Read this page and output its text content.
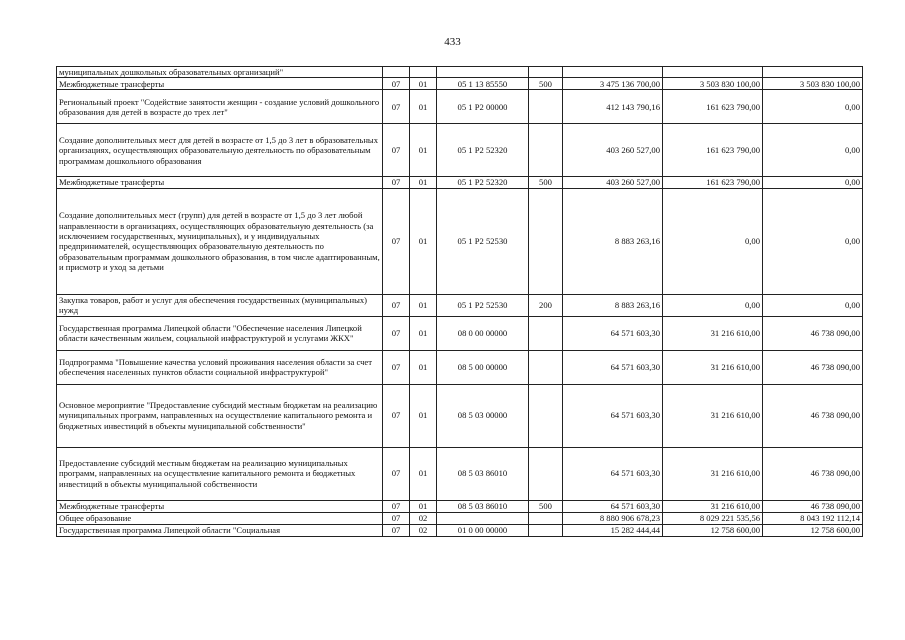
433
муниципальных дошкольных образовательных организаций"							
Межбюджетные трансферты	07	01	05 1 13 85550	500	3 475 136 700,00	3 503 830 100,00	3 503 830 100,00
Региональный проект "Содействие занятости женщин - создание условий дошкольного образования для детей в возрасте до трех лет"	07	01	05 1 P2 00000		412 143 790,16	161 623 790,00	0,00
Создание дополнительных мест для детей в возрасте от 1,5 до 3 лет в образовательных организациях, осуществляющих образовательную деятельность по образовательным программам дошкольного образования	07	01	05 1 P2 52320		403 260 527,00	161 623 790,00	0,00
Межбюджетные трансферты	07	01	05 1 P2 52320	500	403 260 527,00	161 623 790,00	0,00
Создание дополнительных мест (групп) для детей в возрасте от 1,5 до 3 лет любой направленности в организациях, осуществляющих образовательную деятельность (за исключением государственных, муниципальных), и у индивидуальных предпринимателей, осуществляющих образовательную деятельность по образовательным программам дошкольного образования, в том числе адаптированным, и присмотр и уход за детьми	07	01	05 1 P2 52530		8 883 263,16	0,00	0,00
Закупка товаров, работ и услуг для обеспечения государственных (муниципальных) нужд	07	01	05 1 P2 52530	200	8 883 263,16	0,00	0,00
Государственная программа Липецкой области "Обеспечение населения Липецкой области качественным жильем, социальной инфраструктурой и услугами ЖКХ"	07	01	08 0 00 00000		64 571 603,30	31 216 610,00	46 738 090,00
Подпрограмма "Повышение качества условий проживания населения области за счет обеспечения населенных пунктов области социальной инфраструктурой"	07	01	08 5 00 00000		64 571 603,30	31 216 610,00	46 738 090,00
Основное мероприятие "Предоставление субсидий местным бюджетам на реализацию муниципальных программ, направленных на осуществление капитального ремонта и бюджетных инвестиций в объекты муниципальной собственности"	07	01	08 5 03 00000		64 571 603,30	31 216 610,00	46 738 090,00
Предоставление субсидий местным бюджетам на реализацию муниципальных программ, направленных на осуществление капитального ремонта и бюджетных инвестиций в объекты муниципальной собственности	07	01	08 5 03 86010		64 571 603,30	31 216 610,00	46 738 090,00
Межбюджетные трансферты	07	01	08 5 03 86010	500	64 571 603,30	31 216 610,00	46 738 090,00
Общее образование	07	02			8 880 906 678,23	8 029 221 535,56	8 043 192 112,14
Государственная программа Липецкой области "Социальная	07	02	01 0 00 00000		15 282 444,44	12 758 600,00	12 758 600,00
